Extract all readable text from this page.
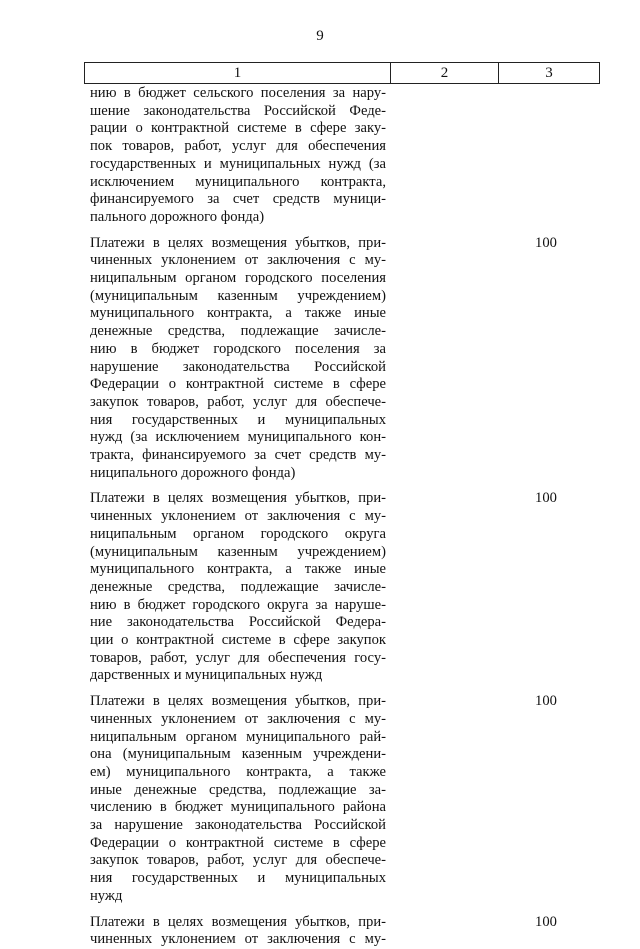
9
1	2	3
нию в бюджет сельского поселения за нару-
шение законодательства Российской Феде-
рации о контрактной системе в сфере заку-
пок товаров, работ, услуг для обеспечения
государственных и муниципальных нужд (за
исключением муниципального контракта,
финансируемого за счет средств муници-
пального дорожного фонда)
Платежи в целях возмещения убытков, при-
чиненных уклонением от заключения с му-
ниципальным органом городского поселения
(муниципальным казенным учреждением)
муниципального контракта, а также иные
денежные средства, подлежащие зачисле-
нию в бюджет городского поселения за
нарушение законодательства Российской
Федерации о контрактной системе в сфере
закупок товаров, работ, услуг для обеспече-
ния государственных и муниципальных
нужд (за исключением муниципального кон-
тракта, финансируемого за счет средств му-
ниципального дорожного фонда)
100
Платежи в целях возмещения убытков, при-
чиненных уклонением от заключения с му-
ниципальным органом городского округа
(муниципальным казенным учреждением)
муниципального контракта, а также иные
денежные средства, подлежащие зачисле-
нию в бюджет городского округа за наруше-
ние законодательства Российской Федера-
ции о контрактной системе в сфере закупок
товаров, работ, услуг для обеспечения госу-
дарственных и муниципальных нужд
100
Платежи в целях возмещения убытков, при-
чиненных уклонением от заключения с му-
ниципальным органом муниципального рай-
она (муниципальным казенным учреждени-
ем) муниципального контракта, а также
иные денежные средства, подлежащие за-
числению в бюджет муниципального района
за нарушение законодательства Российской
Федерации о контрактной системе в сфере
закупок товаров, работ, услуг для обеспече-
ния государственных и муниципальных
нужд
100
Платежи в целях возмещения убытков, при-
чиненных уклонением от заключения с му-
100
